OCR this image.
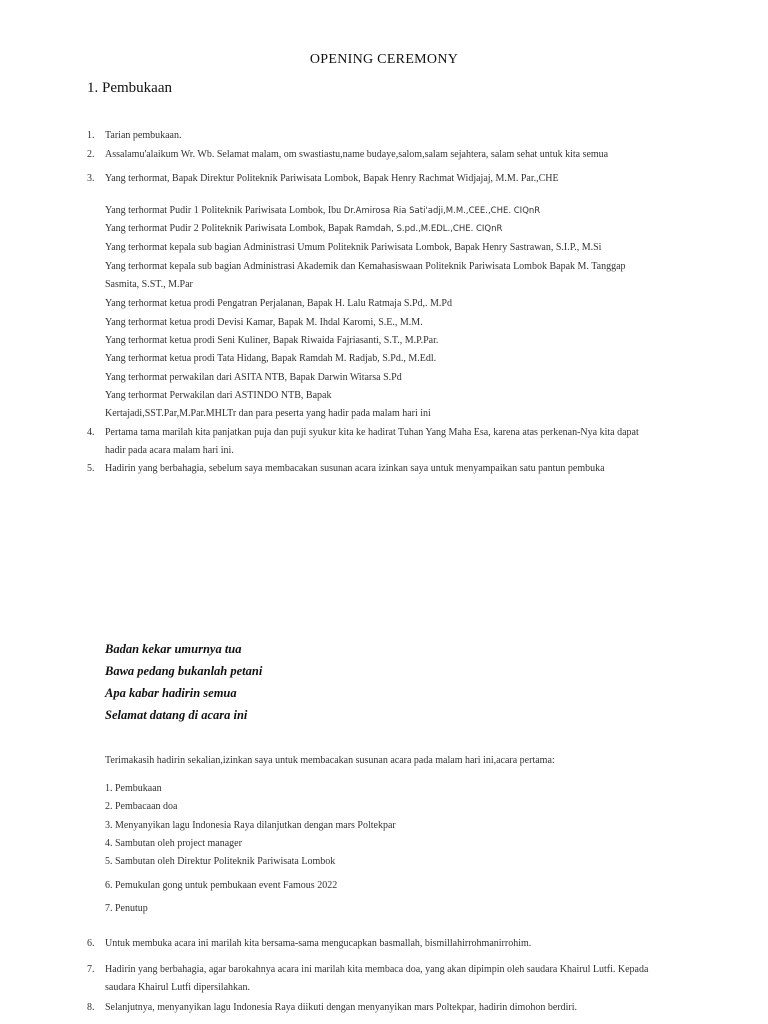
OPENING CEREMONY
1. Pembukaan
1. Tarian pembukaan.
2. Assalamu'alaikum Wr. Wb. Selamat malam, om swastiastu,name budaye,salom,salam sejahtera, salam sehat untuk kita semua
3. Yang terhormat, Bapak Direktur Politeknik Pariwisata Lombok, Bapak Henry Rachmat Widjajaj, M.M. Par.,CHE
Yang terhormat Pudir 1 Politeknik Pariwisata Lombok, Ibu Dr.Amirosa Ria Sati'adji,M.M.,CEE.,CHE. CIQnR
Yang terhormat Pudir 2 Politeknik Pariwisata Lombok, Bapak Ramdah, S.pd.,M.EDL.,CHE. CIQnR
Yang terhormat kepala sub bagian Administrasi Umum Politeknik Pariwisata Lombok, Bapak Henry Sastrawan, S.I.P., M.Si
Yang terhormat kepala sub bagian Administrasi Akademik dan Kemahasiswaan Politeknik Pariwisata Lombok Bapak M. Tanggap
Sasmita, S.ST., M.Par
Yang terhormat ketua prodi Pengatran Perjalanan, Bapak H. Lalu Ratmaja S.Pd,. M.Pd
Yang terhormat ketua prodi Devisi Kamar, Bapak M. Ihdal Karomi, S.E., M.M.
Yang terhormat ketua prodi Seni Kuliner, Bapak Riwaida Fajriasanti, S.T., M.P.Par.
Yang terhormat ketua prodi Tata Hidang, Bapak Ramdah M. Radjab, S.Pd., M.Edl.
Yang terhormat perwakilan dari ASITA NTB, Bapak Darwin Witarsa S.Pd
Yang terhormat Perwakilan dari ASTINDO NTB, Bapak
Kertajadi,SST.Par,M.Par.MHLTr dan para peserta yang hadir pada malam hari ini
4. Pertama tama marilah kita panjatkan puja dan puji syukur kita ke hadirat Tuhan Yang Maha Esa, karena atas perkenan-Nya kita dapat
hadir pada acara malam hari ini.
5. Hadirin yang berbahagia, sebelum saya membacakan susunan acara izinkan saya untuk menyampaikan satu pantun pembuka
Badan kekar umurnya tua
Bawa pedang bukanlah petani
Apa kabar hadirin semua
Selamat datang di acara ini
Terimakasih hadirin sekalian,izinkan saya untuk membacakan susunan acara pada malam hari ini,acara pertama:
1. Pembukaan
2. Pembacaan doa
3. Menyanyikan lagu Indonesia Raya dilanjutkan dengan mars Poltekpar
4. Sambutan oleh project manager
5. Sambutan oleh Direktur Politeknik Pariwisata Lombok
6. Pemukulan gong untuk pembukaan event Famous 2022
7. Penutup
6. Untuk membuka acara ini marilah kita bersama-sama mengucapkan basmallah, bismillahirrohmanirrohim.
7. Hadirin yang berbahagia, agar barokahnya acara ini marilah kita membaca doa, yang akan dipimpin oleh saudara Khairul Lutfi. Kepada
saudara Khairul Lutfi dipersilahkan.
8. Selanjutnya, menyanyikan lagu Indonesia Raya diikuti dengan menyanyikan mars Poltekpar, hadirin dimohon berdiri.
